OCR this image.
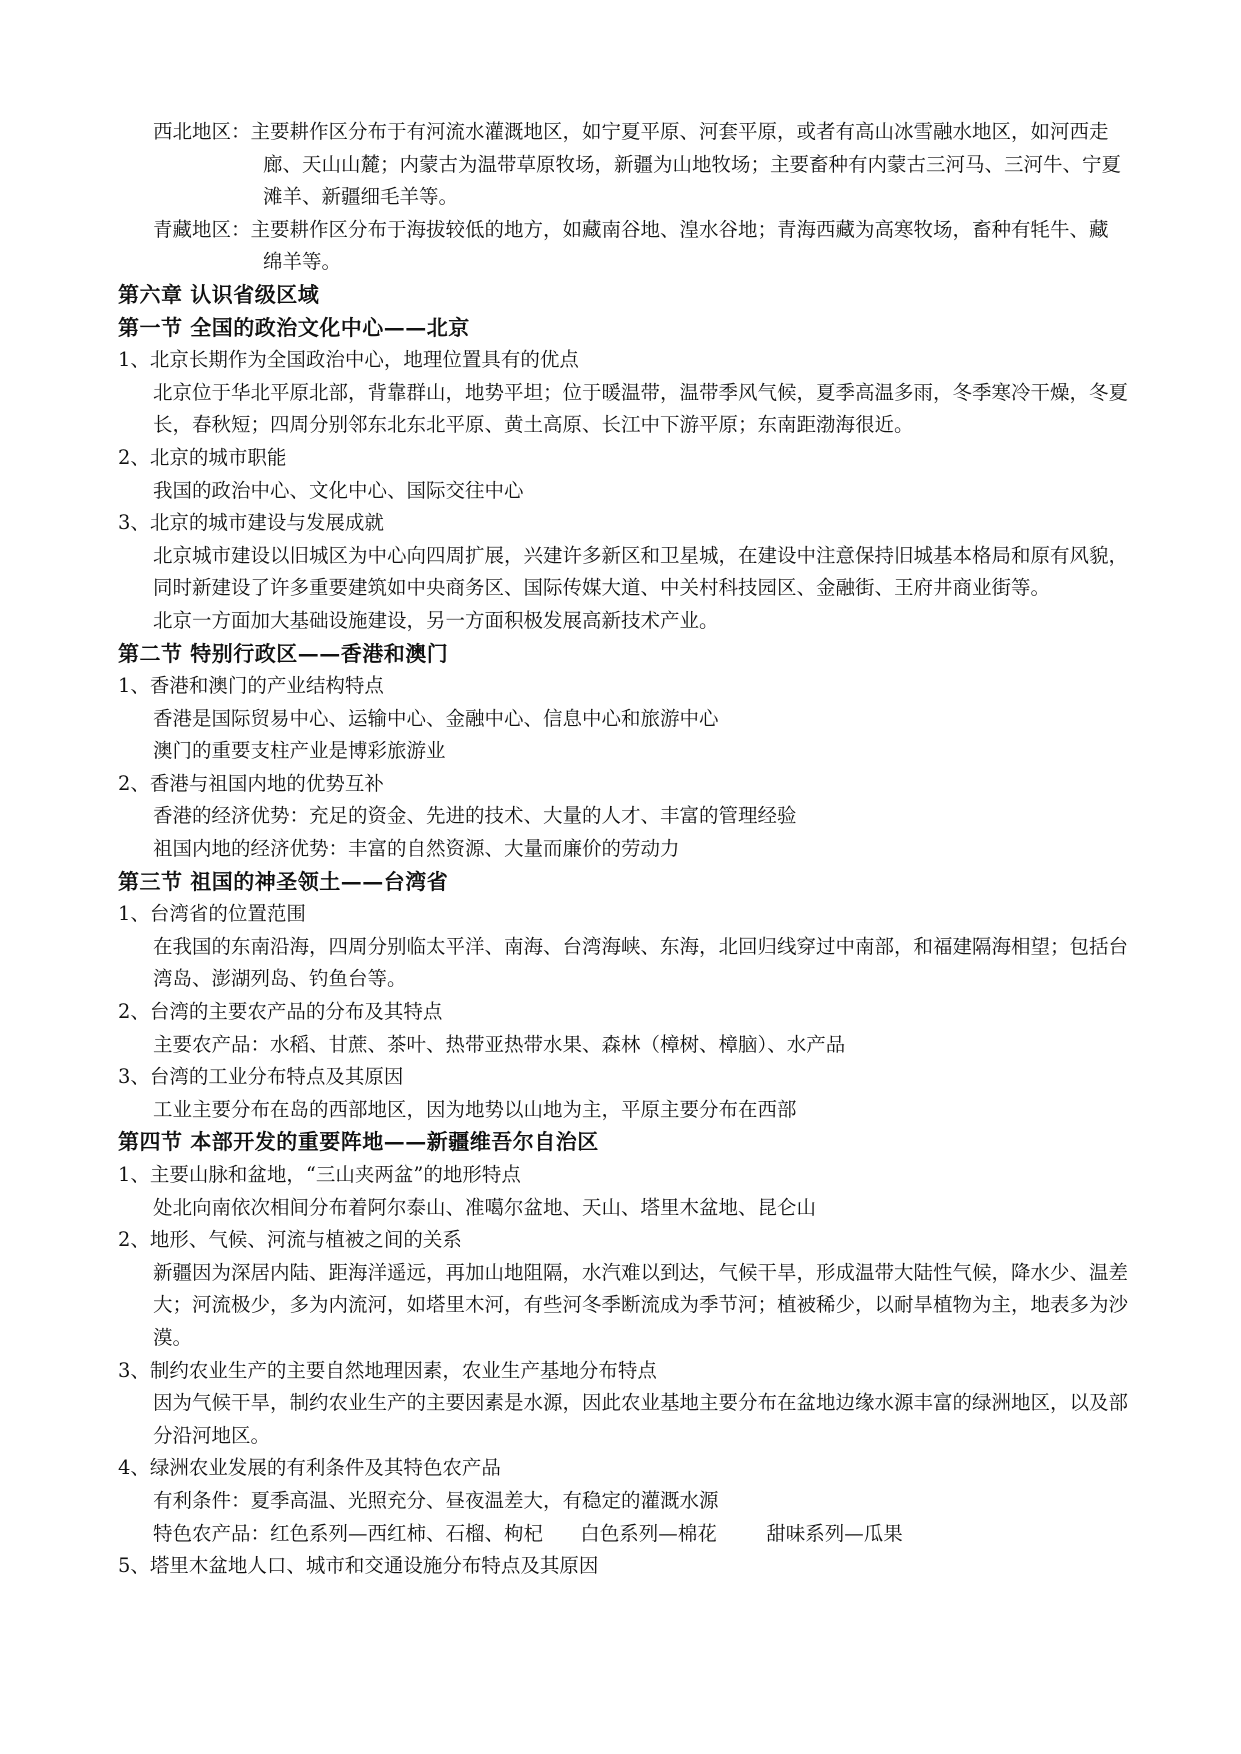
西北地区：主要耕作区分布于有河流水灌溉地区，如宁夏平原、河套平原，或者有高山冰雪融水地区，如河西走廊、天山山麓；内蒙古为温带草原牧场，新疆为山地牧场；主要畜种有内蒙古三河马、三河牛、宁夏滩羊、新疆细毛羊等。

青藏地区：主要耕作区分布于海拔较低的地方，如藏南谷地、湟水谷地；青海西藏为高寒牧场，畜种有牦牛、藏绵羊等。

第六章 认识省级区域
第一节 全国的政治文化中心——北京

1、北京长期作为全国政治中心，地理位置具有的优点

北京位于华北平原北部，背靠群山，地势平坦；位于暖温带，温带季风气候，夏季高温多雨，冬季寒冷干燥，冬夏长，春秋短；四周分别邻东北东北平原、黄土高原、长江中下游平原；东南距渤海很近。

2、北京的城市职能

我国的政治中心、文化中心、国际交往中心

3、北京的城市建设与发展成就

北京城市建设以旧城区为中心向四周扩展，兴建许多新区和卫星城，在建设中注意保持旧城基本格局和原有风貌，同时新建设了许多重要建筑如中央商务区、国际传媒大道、中关村科技园区、金融街、王府井商业街等。

北京一方面加大基础设施建设，另一方面积极发展高新技术产业。

第二节 特别行政区——香港和澳门

1、香港和澳门的产业结构特点

香港是国际贸易中心、运输中心、金融中心、信息中心和旅游中心

澳门的重要支柱产业是博彩旅游业

2、香港与祖国内地的优势互补

香港的经济优势：充足的资金、先进的技术、大量的人才、丰富的管理经验

祖国内地的经济优势：丰富的自然资源、大量而廉价的劳动力

第三节 祖国的神圣领土——台湾省

1、台湾省的位置范围

在我国的东南沿海，四周分别临太平洋、南海、台湾海峡、东海，北回归线穿过中南部，和福建隔海相望；包括台湾岛、澎湖列岛、钓鱼台等。

2、台湾的主要农产品的分布及其特点

主要农产品：水稻、甘蔗、茶叶、热带亚热带水果、森林（樟树、樟脑）、水产品

3、台湾的工业分布特点及其原因

工业主要分布在岛的西部地区，因为地势以山地为主，平原主要分布在西部

第四节 本部开发的重要阵地——新疆维吾尔自治区

1、主要山脉和盆地，“三山夹两盆”的地形特点

处北向南依次相间分布着阿尔泰山、准噶尔盆地、天山、塔里木盆地、昆仑山

2、地形、气候、河流与植被之间的关系

新疆因为深居内陆、距海洋遥远，再加山地阻隔，水汽难以到达，气候干旱，形成温带大陆性气候，降水少、温差大；河流极少，多为内流河，如塔里木河，有些河冬季断流成为季节河；植被稀少，以耐旱植物为主，地表多为沙漠。

3、制约农业生产的主要自然地理因素，农业生产基地分布特点

因为气候干旱，制约农业生产的主要因素是水源，因此农业基地主要分布在盆地边缘水源丰富的绿洲地区，以及部分沿河地区。

4、绿洲农业发展的有利条件及其特色农产品

有利条件：夏季高温、光照充分、昼夜温差大，有稳定的灌溉水源

特色农产品：红色系列—西红柿、石榴、枸杞      白色系列—棉花        甜味系列—瓜果

5、塔里木盆地人口、城市和交通设施分布特点及其原因
